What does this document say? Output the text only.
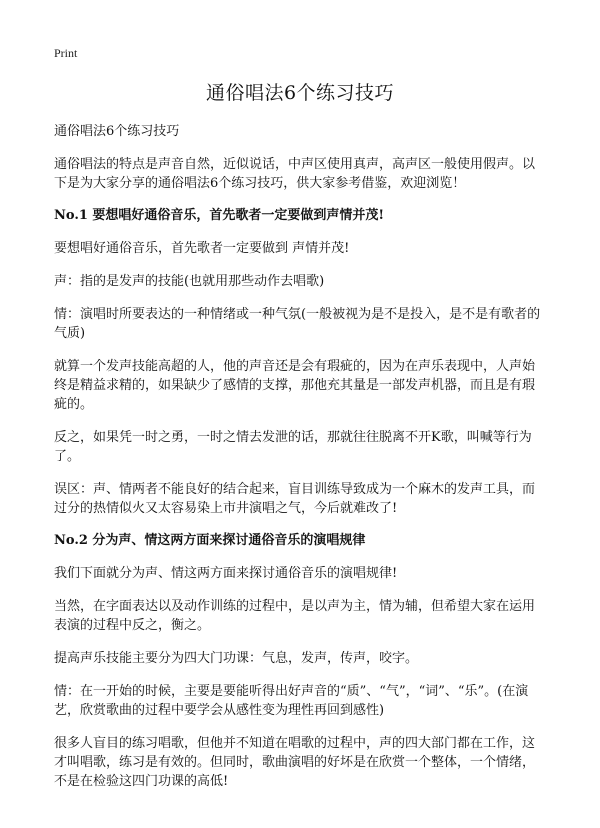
Print
通俗唱法6个练习技巧

通俗唱法6个练习技巧

通俗唱法的特点是声音自然，近似说话，中声区使用真声，高声区一般使用假声。以下是为大家分享的通俗唱法6个练习技巧，供大家参考借鉴，欢迎浏览！

No.1 要想唱好通俗音乐，首先歌者一定要做到声情并茂!

要想唱好通俗音乐，首先歌者一定要做到 声情并茂!

声：指的是发声的技能(也就用那些动作去唱歌)

情：演唱时所要表达的一种情绪或一种气氛(一般被视为是不是投入，是不是有歌者的气质)

就算一个发声技能高超的人，他的声音还是会有瑕疵的，因为在声乐表现中，人声始终是精益求精的，如果缺少了感情的支撑，那他充其量是一部发声机器，而且是有瑕疵的。

反之，如果凭一时之勇，一时之情去发泄的话，那就往往脱离不开K歌，叫喊等行为了。

误区：声、情两者不能良好的结合起来，盲目训练导致成为一个麻木的发声工具，而过分的热情似火又太容易染上市井演唱之气，今后就难改了!

No.2 分为声、情这两方面来探讨通俗音乐的演唱规律

我们下面就分为声、情这两方面来探讨通俗音乐的演唱规律!

当然，在字面表达以及动作训练的过程中，是以声为主，情为辅，但希望大家在运用表演的过程中反之，衡之。

提高声乐技能主要分为四大门功课：气息，发声，传声，咬字。

情：在一开始的时候，主要是要能听得出好声音的“质”、“气”，“词”、“乐”。(在演艺，欣赏歌曲的过程中要学会从感性变为理性再回到感性)

很多人盲目的练习唱歌，但他并不知道在唱歌的过程中，声的四大部门都在工作，这才叫唱歌，练习是有效的。但同时，歌曲演唱的好坏是在欣赏一个整体，一个情绪，不是在检验这四门功课的高低!
